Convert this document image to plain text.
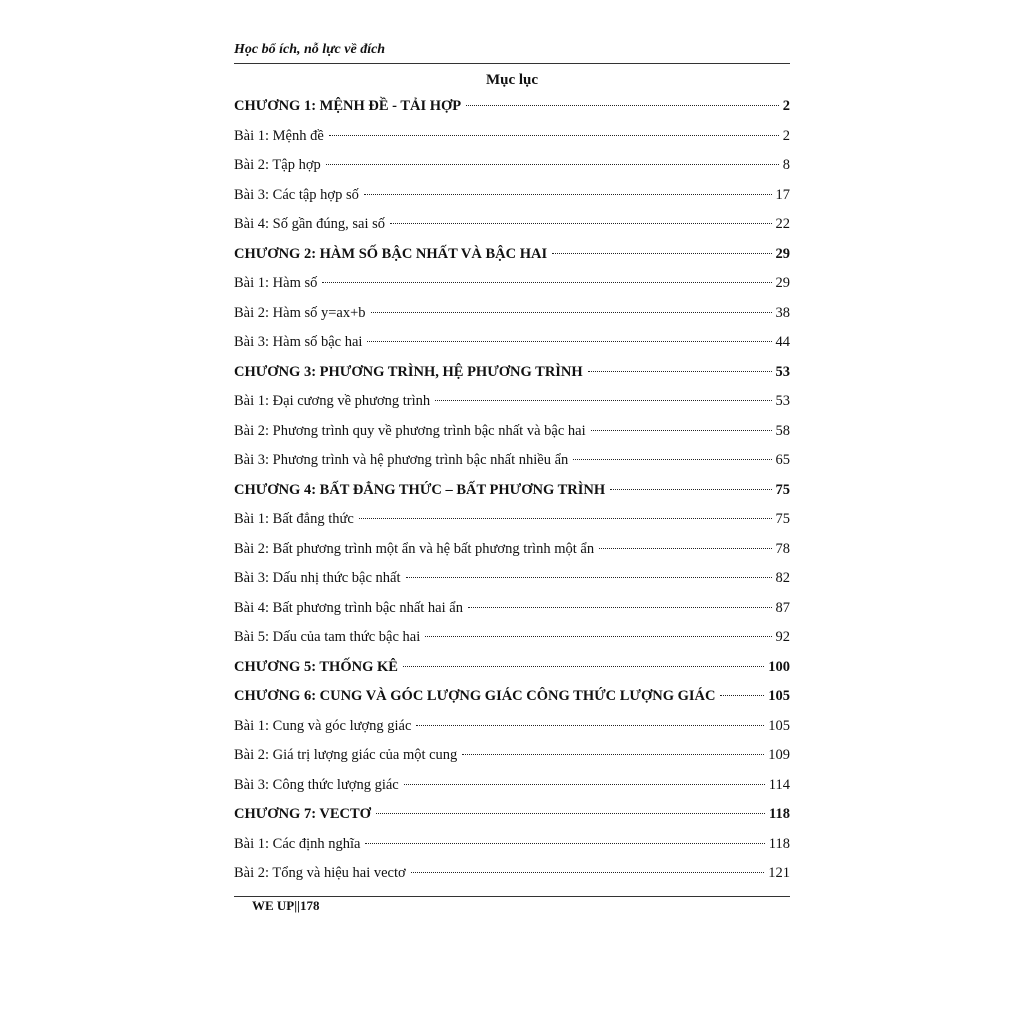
Học bổ ích, nỗ lực về đích
Mục lục
CHƯƠNG 1: MỆNH ĐỀ - TẢI HỢP	2
Bài 1: Mệnh đề	2
Bài 2: Tập hợp	8
Bài 3: Các tập hợp số	17
Bài 4: Số gần đúng, sai số	22
CHƯƠNG 2: HÀM SỐ BẬC NHẤT VÀ BẬC HAI	29
Bài 1: Hàm số	29
Bài 2: Hàm số y=ax+b	38
Bài 3: Hàm số bậc hai	44
CHƯƠNG 3: PHƯƠNG TRÌNH, HỆ PHƯƠNG TRÌNH	53
Bài 1: Đại cương về phương trình	53
Bài 2: Phương trình quy về phương trình bậc nhất và bậc hai	58
Bài 3: Phương trình và hệ phương trình bậc nhất nhiều ẩn	65
CHƯƠNG 4: BẤT ĐẲNG THỨC – BẤT PHƯƠNG TRÌNH	75
Bài 1: Bất đẳng thức	75
Bài 2: Bất phương trình một ẩn và hệ bất phương trình một ẩn	78
Bài 3: Dấu nhị thức bậc nhất	82
Bài 4: Bất phương trình bậc nhất hai ẩn	87
Bài 5: Dấu của tam thức bậc hai	92
CHƯƠNG 5: THỐNG KÊ	100
CHƯƠNG 6: CUNG VÀ GÓC LƯỢNG GIÁC CÔNG THỨC LƯỢNG GIÁC	105
Bài 1: Cung và góc lượng giác	105
Bài 2: Giá trị lượng giác của một cung	109
Bài 3: Công thức lượng giác	114
CHƯƠNG 7: VECTƠ	118
Bài 1: Các định nghĩa	118
Bài 2: Tổng và hiệu hai vectơ	121
WE UP||178
